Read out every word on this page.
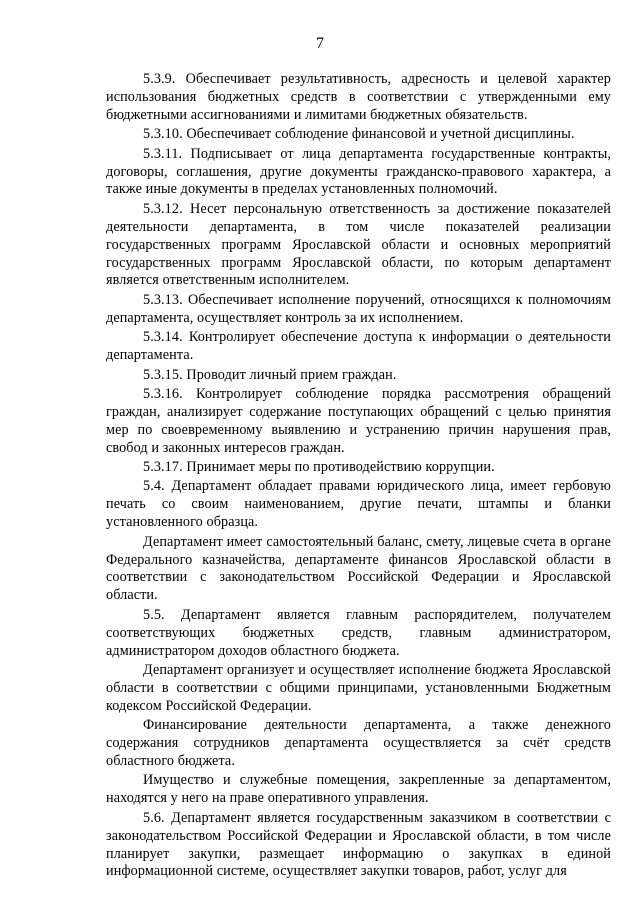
7

5.3.9. Обеспечивает результативность, адресность и целевой характер использования бюджетных средств в соответствии с утвержденными ему бюджетными ассигнованиями и лимитами бюджетных обязательств.

5.3.10. Обеспечивает соблюдение финансовой и учетной дисциплины.

5.3.11. Подписывает от лица департамента государственные контракты, договоры, соглашения, другие документы гражданско-правового характера, а также иные документы в пределах установленных полномочий.

5.3.12. Несет персональную ответственность за достижение показателей деятельности департамента, в том числе показателей реализации государственных программ Ярославской области и основных мероприятий государственных программ Ярославской области, по которым департамент является ответственным исполнителем.

5.3.13. Обеспечивает исполнение поручений, относящихся к полномочиям департамента, осуществляет контроль за их исполнением.

5.3.14. Контролирует обеспечение доступа к информации о деятельности департамента.

5.3.15. Проводит личный прием граждан.

5.3.16. Контролирует соблюдение порядка рассмотрения обращений граждан, анализирует содержание поступающих обращений с целью принятия мер по своевременному выявлению и устранению причин нарушения прав, свобод и законных интересов граждан.

5.3.17. Принимает меры по противодействию коррупции.

5.4. Департамент обладает правами юридического лица, имеет гербовую печать со своим наименованием, другие печати, штампы и бланки установленного образца.

Департамент имеет самостоятельный баланс, смету, лицевые счета в органе Федерального казначейства, департаменте финансов Ярославской области в соответствии с законодательством Российской Федерации и Ярославской области.

5.5. Департамент является главным распорядителем, получателем соответствующих бюджетных средств, главным администратором, администратором доходов областного бюджета.

Департамент организует и осуществляет исполнение бюджета Ярославской области в соответствии с общими принципами, установленными Бюджетным кодексом Российской Федерации.

Финансирование деятельности департамента, а также денежного содержания сотрудников департамента осуществляется за счёт средств областного бюджета.

Имущество и служебные помещения, закрепленные за департаментом, находятся у него на праве оперативного управления.

5.6. Департамент является государственным заказчиком в соответствии с законодательством Российской Федерации и Ярославской области, в том числе планирует закупки, размещает информацию о закупках в единой информационной системе, осуществляет закупки товаров, работ, услуг для
